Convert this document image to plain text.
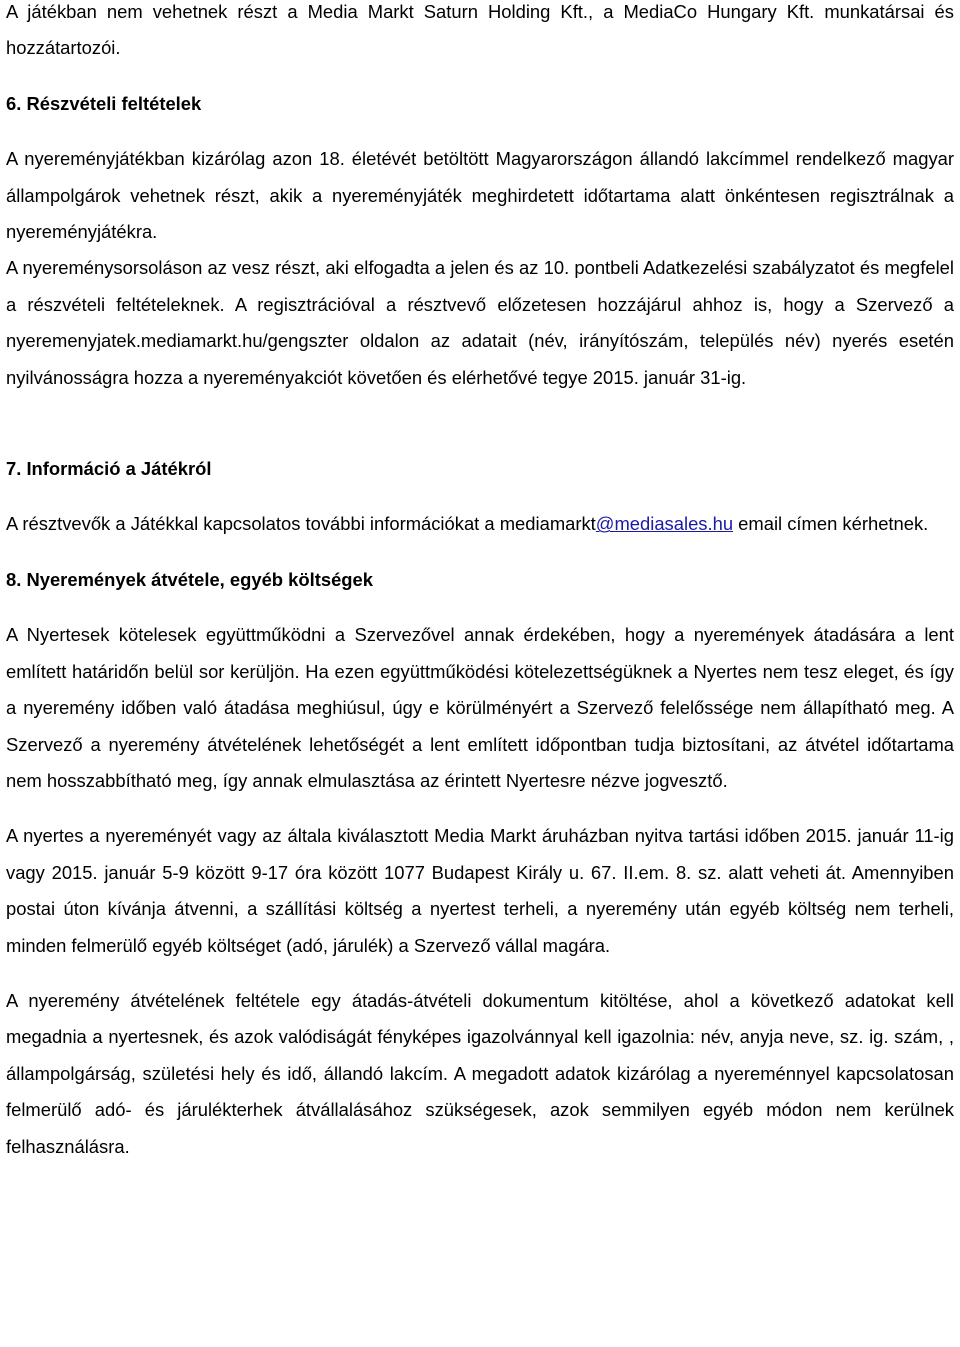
A játékban nem vehetnek részt a Media Markt Saturn Holding Kft., a MediaCo Hungary Kft. munkatársai és hozzátartozói.

6. Részvételi feltételek

A nyereményjátékban kizárólag azon 18. életévét betöltött Magyarországon állandó lakcímmel rendelkező magyar állampolgárok vehetnek részt, akik a nyereményjáték meghirdetett időtartama alatt önkéntesen regisztrálnak a nyereményjátékra.

A nyereménysorsoláson az vesz részt, aki elfogadta a jelen és az 10. pontbeli Adatkezelési szabályzatot és megfelel a részvételi feltételeknek. A regisztrációval a résztvevő előzetesen hozzájárul ahhoz is, hogy a Szervező a nyeremenyjatek.mediamarkt.hu/gengszter oldalon az adatait (név, irányítószám, település név) nyerés esetén nyilvánosságra hozza a nyereményakciót követően és elérhetővé tegye 2015. január 31-ig.

7. Információ a Játékról

A résztvevők a Játékkal kapcsolatos további információkat a mediamarkt@mediasales.hu email címen kérhetnek.

8. Nyeremények átvétele, egyéb költségek

A Nyertesek kötelesek együttműködni a Szervezővel annak érdekében, hogy a nyeremények átadására a lent említett határidőn belül sor kerüljön. Ha ezen együttműködési kötelezettségüknek a Nyertes nem tesz eleget, és így a nyeremény időben való átadása meghiúsul, úgy e körülményért a Szervező felelőssége nem állapítható meg. A Szervező a nyeremény átvételének lehetőségét a lent említett időpontban tudja biztosítani, az átvétel időtartama nem hosszabbítható meg, így annak elmulasztása az érintett Nyertesre nézve jogvesztő.

A nyertes a nyereményét vagy az általa kiválasztott Media Markt áruházban nyitva tartási időben 2015. január 11-ig vagy 2015. január 5-9 között 9-17 óra között 1077 Budapest Király u. 67. II.em. 8. sz. alatt veheti át. Amennyiben postai úton kívánja átvenni, a szállítási költség a nyertest terheli, a nyeremény után egyéb költség nem terheli, minden felmerülő egyéb költséget (adó, járulék) a Szervező vállal magára.

A nyeremény átvételének feltétele egy átadás-átvételi dokumentum kitöltése, ahol a következő adatokat kell megadnia a nyertesnek, és azok valódiságát fényképes igazolvánnyal kell igazolnia: név, anyja neve, sz. ig. szám, , állampolgárság, születési hely és idő, állandó lakcím. A megadott adatok kizárólag a nyereménnyel kapcsolatosan felmerülő adó- és járulékterhek átvállalásához szükségesek, azok semmilyen egyéb módon nem kerülnek felhasználásra.
